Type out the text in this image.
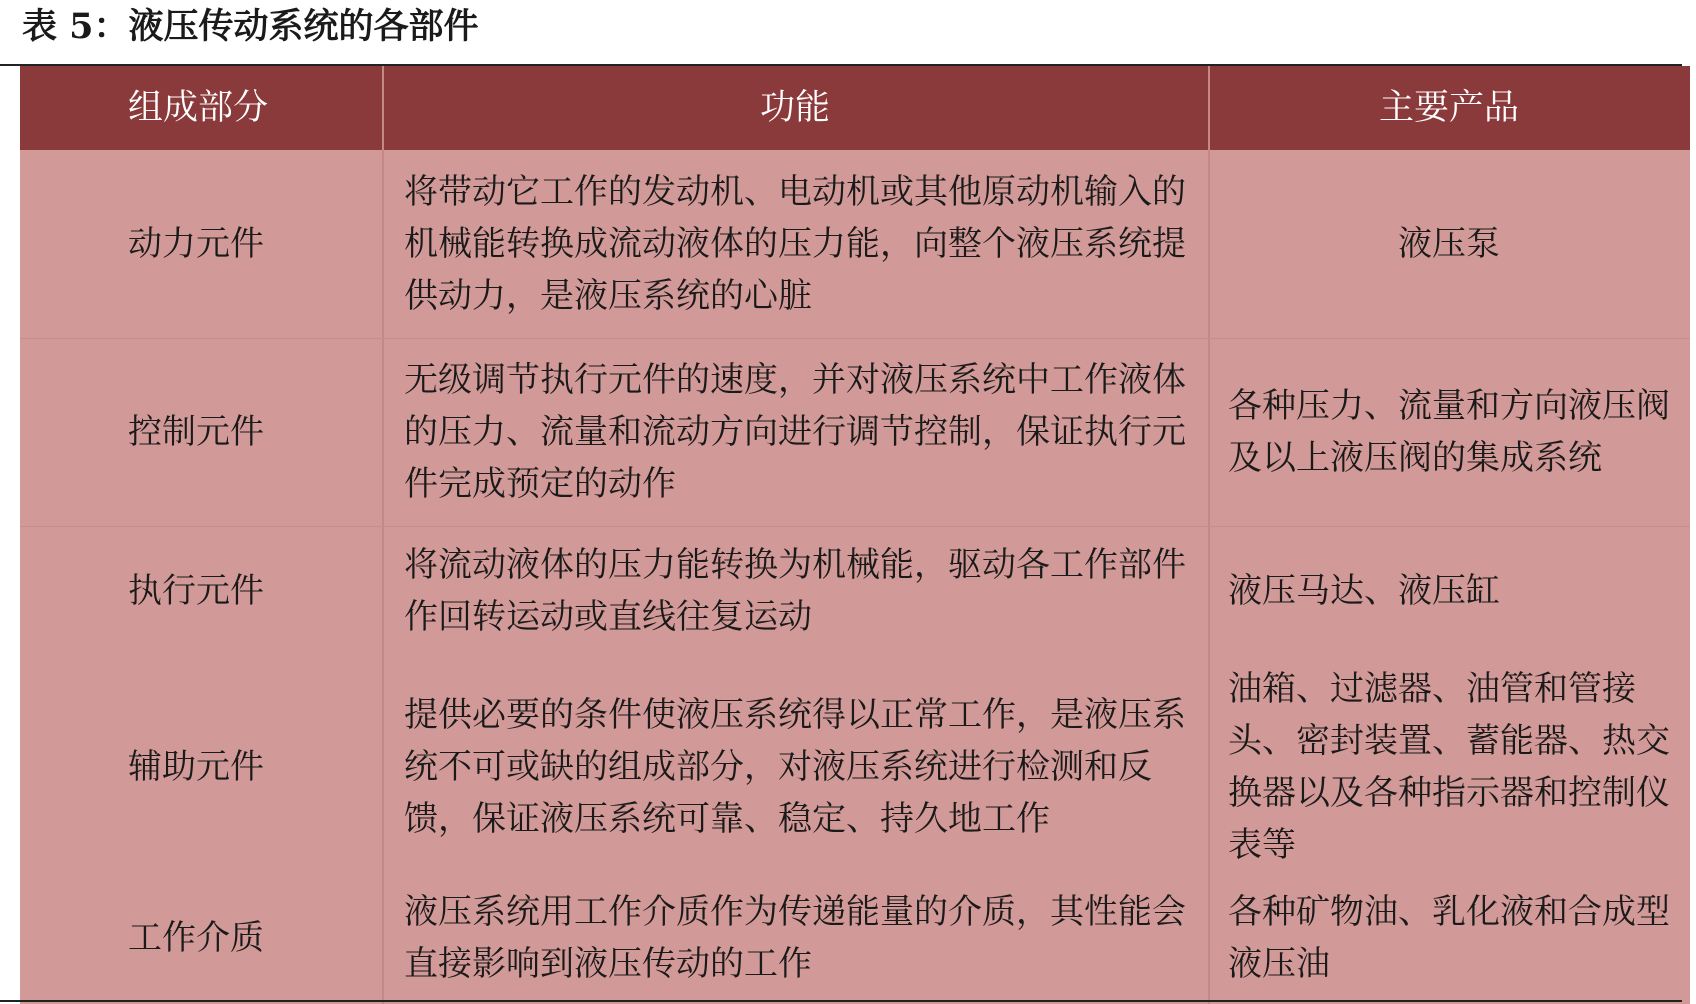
表 5：液压传动系统的各部件
组成部分	功能	主要产品
动力元件
将带动它工作的发动机、电动机或其他原动机输入的机械能转换成流动液体的压力能，向整个液压系统提供动力，是液压系统的心脏
液压泵
控制元件
无级调节执行元件的速度，并对液压系统中工作液体的压力、流量和流动方向进行调节控制，保证执行元件完成预定的动作
各种压力、流量和方向液压阀及以上液压阀的集成系统
执行元件
将流动液体的压力能转换为机械能，驱动各工作部件作回转运动或直线往复运动
液压马达、液压缸
辅助元件
提供必要的条件使液压系统得以正常工作，是液压系统不可或缺的组成部分，对液压系统进行检测和反馈，保证液压系统可靠、稳定、持久地工作
油箱、过滤器、油管和管接头、密封装置、蓄能器、热交换器以及各种指示器和控制仪表等
工作介质
液压系统用工作介质作为传递能量的介质，其性能会直接影响到液压传动的工作
各种矿物油、乳化液和合成型液压油
